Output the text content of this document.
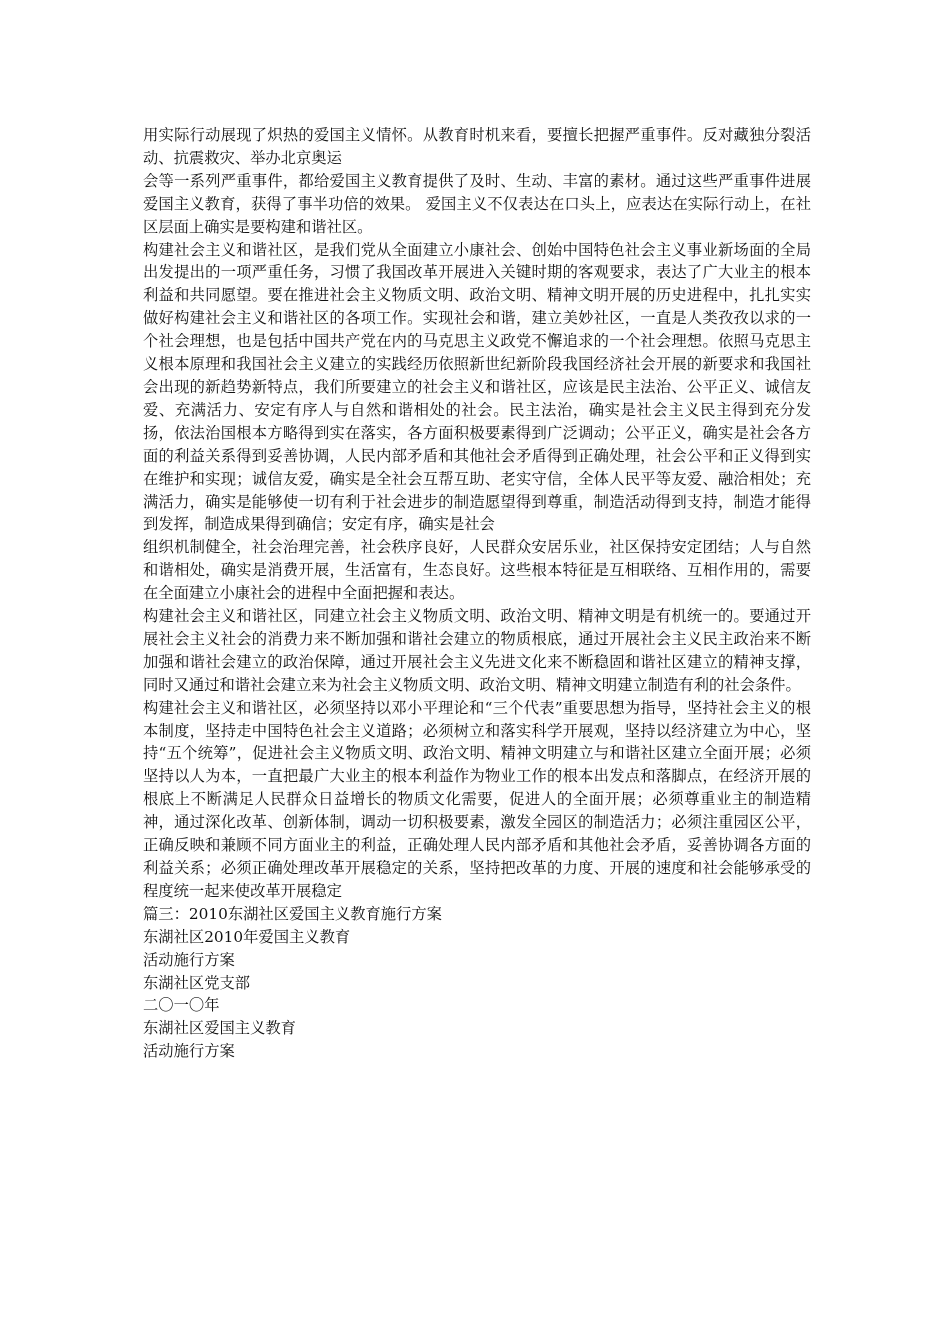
用实际行动展现了炽热的爱国主义情怀。从教育时机来看，要擅长把握严重事件。反对藏独分裂活动、抗震救灾、举办北京奥运

会等一系列严重事件，都给爱国主义教育提供了及时、生动、丰富的素材。通过这些严重事件进展爱国主义教育，获得了事半功倍的效果。 爱国主义不仅表达在口头上，应表达在实际行动上，在社区层面上确实是要构建和谐社区。

构建社会主义和谐社区，是我们党从全面建立小康社会、创始中国特色社会主义事业新场面的全局出发提出的一项严重任务，习惯了我国改革开展进入关键时期的客观要求，表达了广大业主的根本利益和共同愿望。要在推进社会主义物质文明、政治文明、精神文明开展的历史进程中，扎扎实实做好构建社会主义和谐社区的各项工作。实现社会和谐，建立美妙社区，一直是人类孜孜以求的一个社会理想，也是包括中国共产党在内的马克思主义政党不懈追求的一个社会理想。依照马克思主义根本原理和我国社会主义建立的实践经历依照新世纪新阶段我国经济社会开展的新要求和我国社会出现的新趋势新特点，我们所要建立的社会主义和谐社区，应该是民主法治、公平正义、诚信友爱、充满活力、安定有序人与自然和谐相处的社会。民主法治，确实是社会主义民主得到充分发扬，依法治国根本方略得到实在落实，各方面积极要素得到广泛调动；公平正义，确实是社会各方面的利益关系得到妥善协调，人民内部矛盾和其他社会矛盾得到正确处理，社会公平和正义得到实在维护和实现；诚信友爱，确实是全社会互帮互助、老实守信，全体人民平等友爱、融洽相处；充满活力，确实是能够使一切有利于社会进步的制造愿望得到尊重，制造活动得到支持，制造才能得到发挥，制造成果得到确信；安定有序，确实是社会

组织机制健全，社会治理完善，社会秩序良好，人民群众安居乐业，社区保持安定团结；人与自然和谐相处，确实是消费开展，生活富有，生态良好。这些根本特征是互相联络、互相作用的，需要在全面建立小康社会的进程中全面把握和表达。

构建社会主义和谐社区，同建立社会主义物质文明、政治文明、精神文明是有机统一的。要通过开展社会主义社会的消费力来不断加强和谐社会建立的物质根底，通过开展社会主义民主政治来不断加强和谐社会建立的政治保障，通过开展社会主义先进文化来不断稳固和谐社区建立的精神支撑，同时又通过和谐社会建立来为社会主义物质文明、政治文明、精神文明建立制造有利的社会条件。

构建社会主义和谐社区，必须坚持以邓小平理论和“三个代表”重要思想为指导，坚持社会主义的根本制度，坚持走中国特色社会主义道路；必须树立和落实科学开展观，坚持以经济建立为中心，坚持“五个统筹”，促进社会主义物质文明、政治文明、精神文明建立与和谐社区建立全面开展；必须坚持以人为本，一直把最广大业主的根本利益作为物业工作的根本出发点和落脚点，在经济开展的根底上不断满足人民群众日益增长的物质文化需要，促进人的全面开展；必须尊重业主的制造精神，通过深化改革、创新体制，调动一切积极要素，激发全园区的制造活力；必须注重园区公平，正确反映和兼顾不同方面业主的利益，正确处理人民内部矛盾和其他社会矛盾，妥善协调各方面的利益关系；必须正确处理改革开展稳定的关系，坚持把改革的力度、开展的速度和社会能够承受的程度统一起来使改革开展稳定

篇三：2010东湖社区爱国主义教育施行方案

东湖社区2010年爱国主义教育

活动施行方案

东湖社区党支部

二〇一〇年

东湖社区爱国主义教育

活动施行方案
